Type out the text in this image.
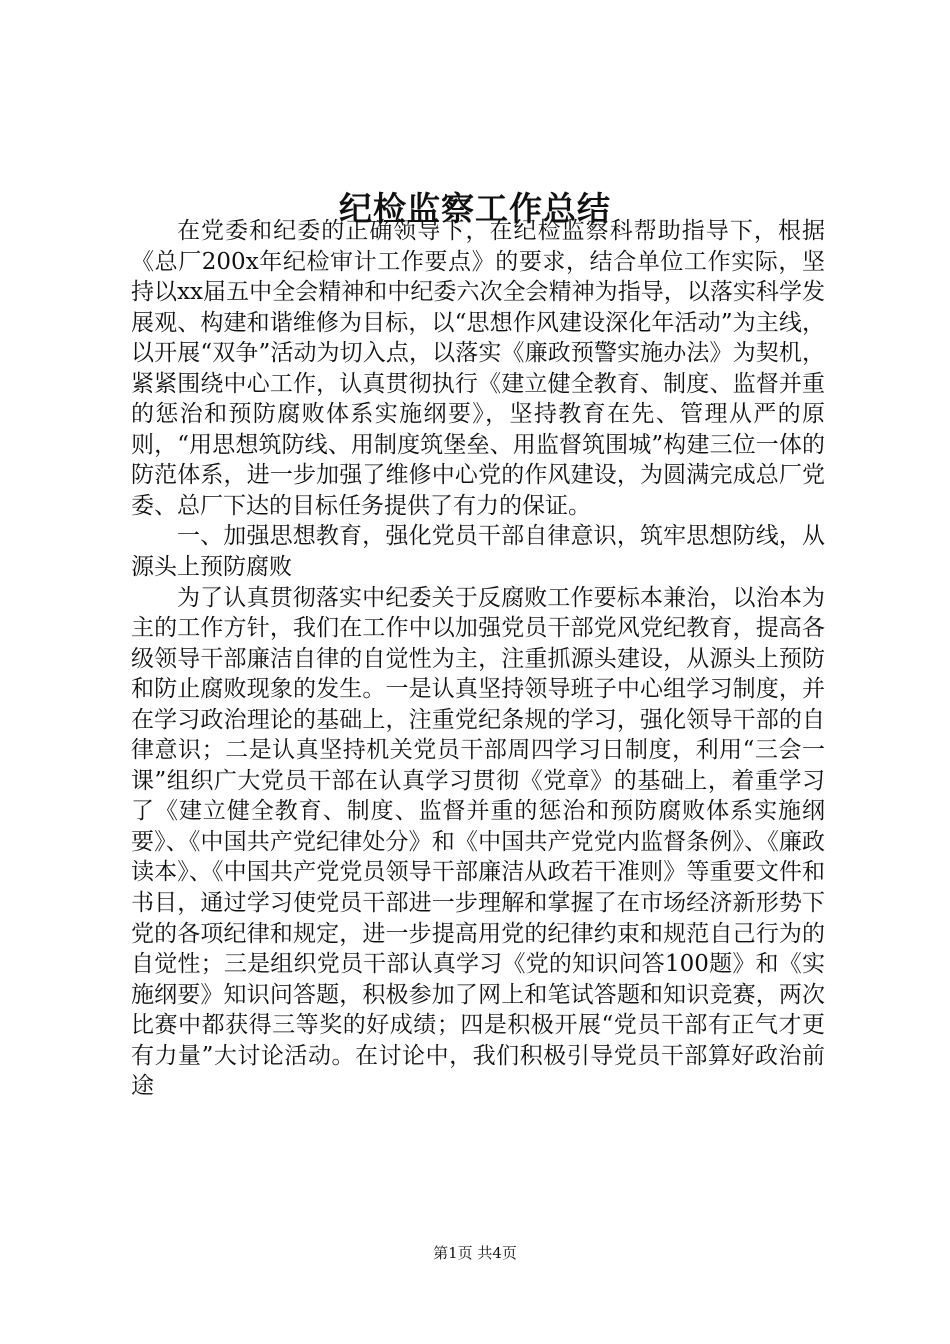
纪检监察工作总结

在党委和纪委的正确领导下，在纪检监察科帮助指导下，根据《总厂200x年纪检审计工作要点》的要求，结合单位工作实际，坚持以xx届五中全会精神和中纪委六次全会精神为指导，以落实科学发展观、构建和谐维修为目标，以“思想作风建设深化年活动”为主线，以开展“双争”活动为切入点，以落实《廉政预警实施办法》为契机，紧紧围绕中心工作，认真贯彻执行《建立健全教育、制度、监督并重的惩治和预防腐败体系实施纲要》，坚持教育在先、管理从严的原则，“用思想筑防线、用制度筑堡垒、用监督筑围城”构建三位一体的防范体系，进一步加强了维修中心党的作风建设，为圆满完成总厂党委、总厂下达的目标任务提供了有力的保证。

一、加强思想教育，强化党员干部自律意识，筑牢思想防线，从源头上预防腐败

为了认真贯彻落实中纪委关于反腐败工作要标本兼治，以治本为主的工作方针，我们在工作中以加强党员干部党风党纪教育，提高各级领导干部廉洁自律的自觉性为主，注重抓源头建设，从源头上预防和防止腐败现象的发生。一是认真坚持领导班子中心组学习制度，并在学习政治理论的基础上，注重党纪条规的学习，强化领导干部的自律意识；二是认真坚持机关党员干部周四学习日制度，利用“三会一课”组织广大党员干部在认真学习贯彻《党章》的基础上，着重学习了《建立健全教育、制度、监督并重的惩治和预防腐败体系实施纲要》、《中国共产党纪律处分》和《中国共产党党内监督条例》、《廉政读本》、《中国共产党党员领导干部廉洁从政若干准则》等重要文件和书目，通过学习使党员干部进一步理解和掌握了在市场经济新形势下党的各项纪律和规定，进一步提高用党的纪律约束和规范自己行为的自觉性；三是组织党员干部认真学习《党的知识问答100题》和《实施纲要》知识问答题，积极参加了网上和笔试答题和知识竞赛，两次比赛中都获得三等奖的好成绩；四是积极开展“党员干部有正气才更有力量”大讨论活动。在讨论中，我们积极引导党员干部算好政治前途

第1页 共4页
